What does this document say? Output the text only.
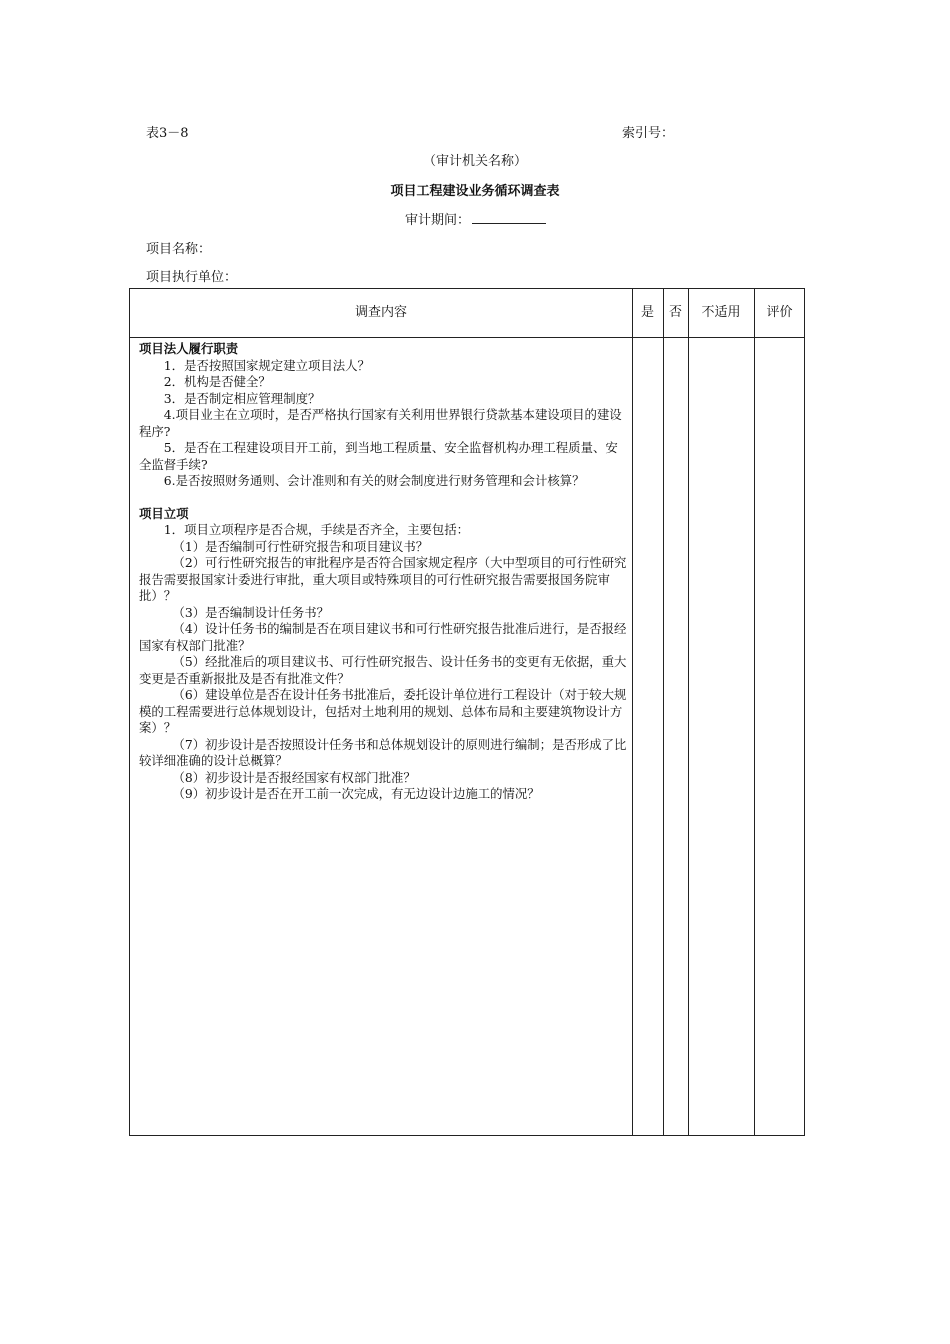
表3－8	索引号：
（审计机关名称）
项目工程建设业务循环调查表
审计期间：
项目名称：
项目执行单位：
调查内容	是	否	不适用	评价
项目法人履行职责
1．是否按照国家规定建立项目法人？
2．机构是否健全？
3．是否制定相应管理制度？
4.项目业主在立项时，是否严格执行国家有关利用世界银行贷款基本建设项目的建设程序?
5．是否在工程建设项目开工前，到当地工程质量、安全监督机构办理工程质量、安全监督手续?
6.是否按照财务通则、会计准则和有关的财会制度进行财务管理和会计核算？
项目立项
1．项目立项程序是否合规，手续是否齐全，主要包括：
（1）是否编制可行性研究报告和项目建议书？
（2）可行性研究报告的审批程序是否符合国家规定程序（大中型项目的可行性研究报告需要报国家计委进行审批，重大项目或特殊项目的可行性研究报告需要报国务院审批）？
（3）是否编制设计任务书？
（4）设计任务书的编制是否在项目建议书和可行性研究报告批准后进行，是否报经国家有权部门批准？
（5）经批准后的项目建议书、可行性研究报告、设计任务书的变更有无依据，重大变更是否重新报批及是否有批准文件？
（6）建设单位是否在设计任务书批准后，委托设计单位进行工程设计（对于较大规模的工程需要进行总体规划设计，包括对土地利用的规划、总体布局和主要建筑物设计方案）？
（7）初步设计是否按照设计任务书和总体规划设计的原则进行编制；是否形成了比较详细准确的设计总概算？
（8）初步设计是否报经国家有权部门批准？
（9）初步设计是否在开工前一次完成，有无边设计边施工的情况？
